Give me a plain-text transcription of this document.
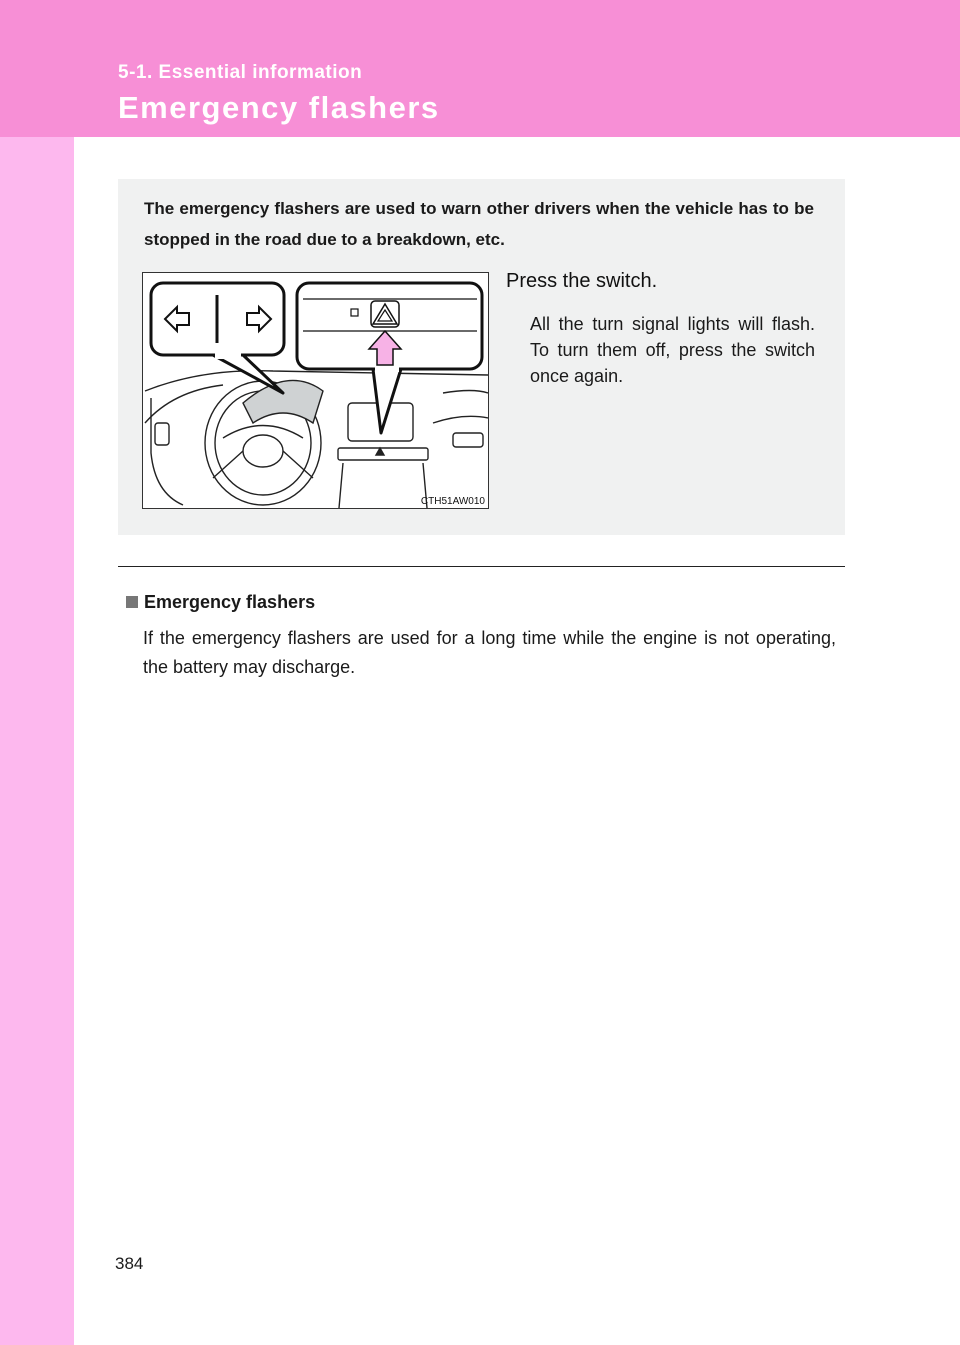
5-1. Essential information
Emergency flashers
The emergency flashers are used to warn other drivers when the vehicle has to be stopped in the road due to a breakdown, etc.
CTH51AW010
Press the switch.
All the turn signal lights will flash. To turn them off, press the switch once again.
Emergency flashers
If the emergency flashers are used for a long time while the engine is not operating, the battery may discharge.
384
carmanualsonline.info
